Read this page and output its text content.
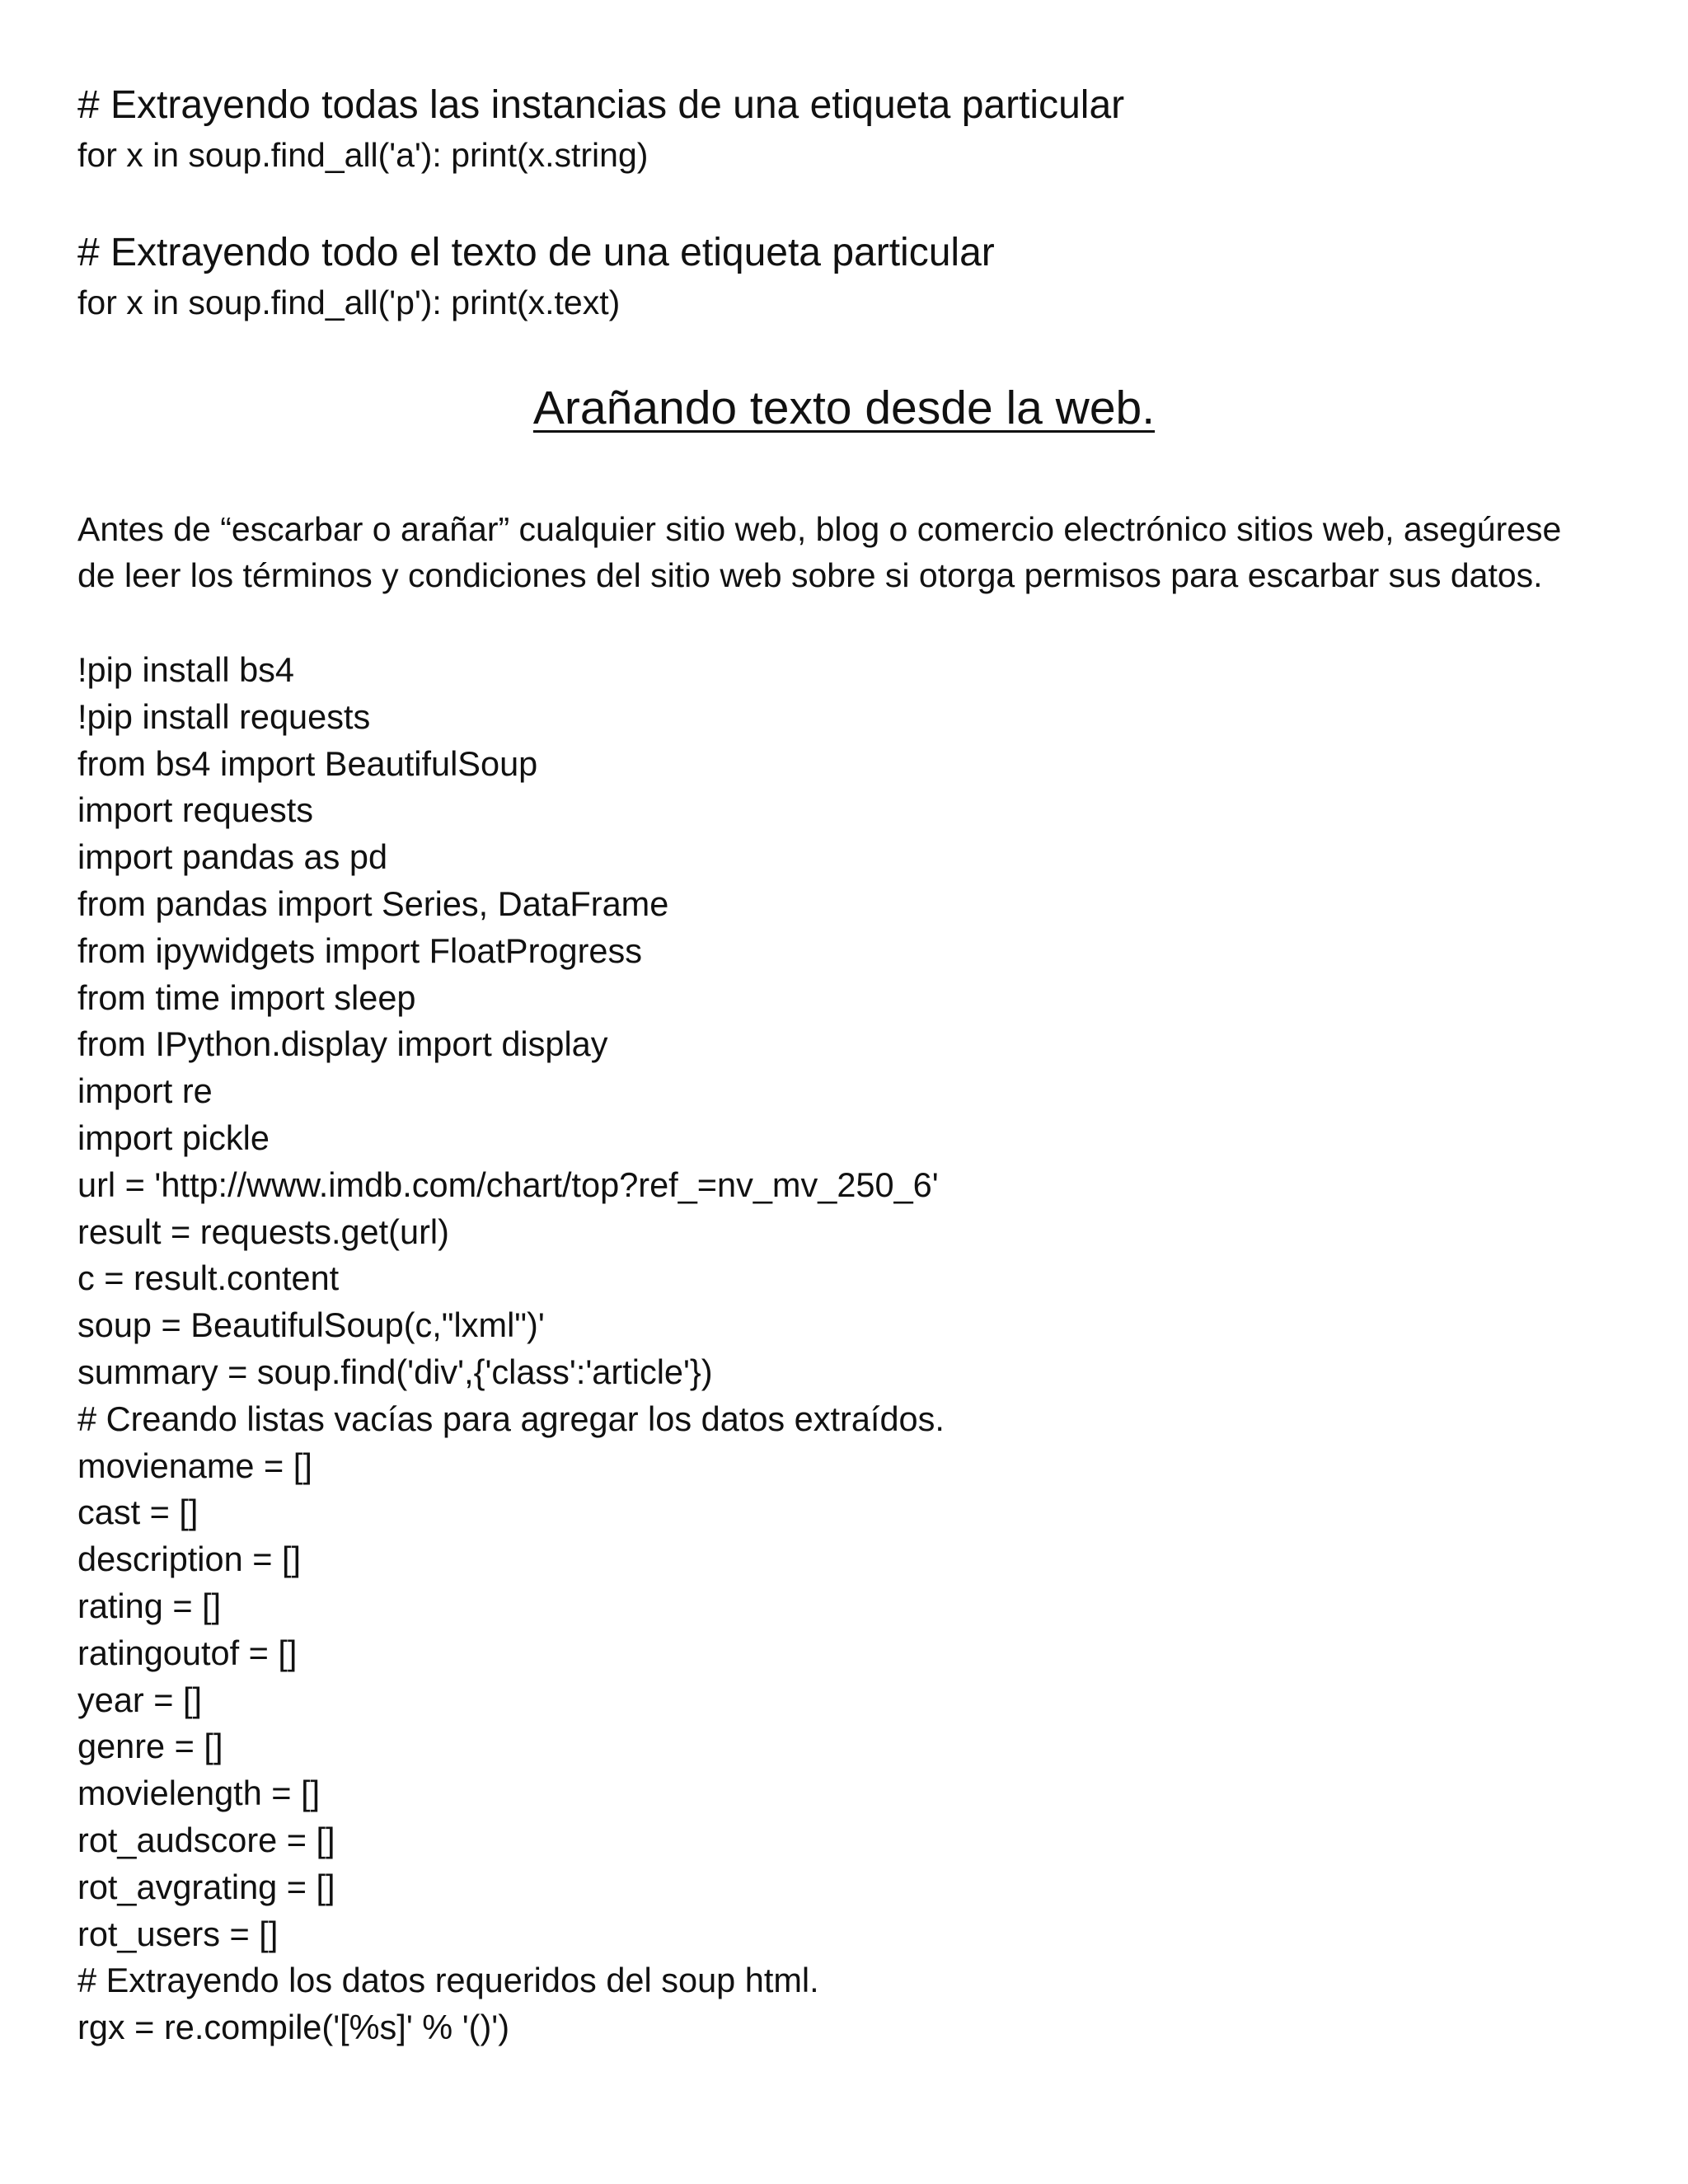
# Extrayendo todas las instancias de una etiqueta particular
for x in soup.find_all('a'): print(x.string)
# Extrayendo todo el texto de una etiqueta particular
for x in soup.find_all('p'): print(x.text)
Arañando texto desde la web.
Antes de “escarbar o arañar” cualquier sitio web, blog o comercio electrónico sitios web, asegúrese
de leer los términos y condiciones del sitio web sobre si otorga permisos para escarbar sus datos.
!pip install bs4
!pip install requests
from bs4 import BeautifulSoup
import requests
import pandas as pd
from pandas import Series, DataFrame
from ipywidgets import FloatProgress
from time import sleep
from IPython.display import display
import re
import pickle
url = 'http://www.imdb.com/chart/top?ref_=nv_mv_250_6'
result = requests.get(url)
c = result.content
soup = BeautifulSoup(c,"lxml")'
summary = soup.find('div',{'class':'article'})
# Creando listas vacías para agregar los datos extraídos.
moviename = []
cast = []
description = []
rating = []
ratingoutof = []
year = []
genre = []
movielength = []
rot_audscore = []
rot_avgrating = []
rot_users = []
# Extrayendo los datos requeridos del soup html.
rgx = re.compile('[%s]' % '()')
